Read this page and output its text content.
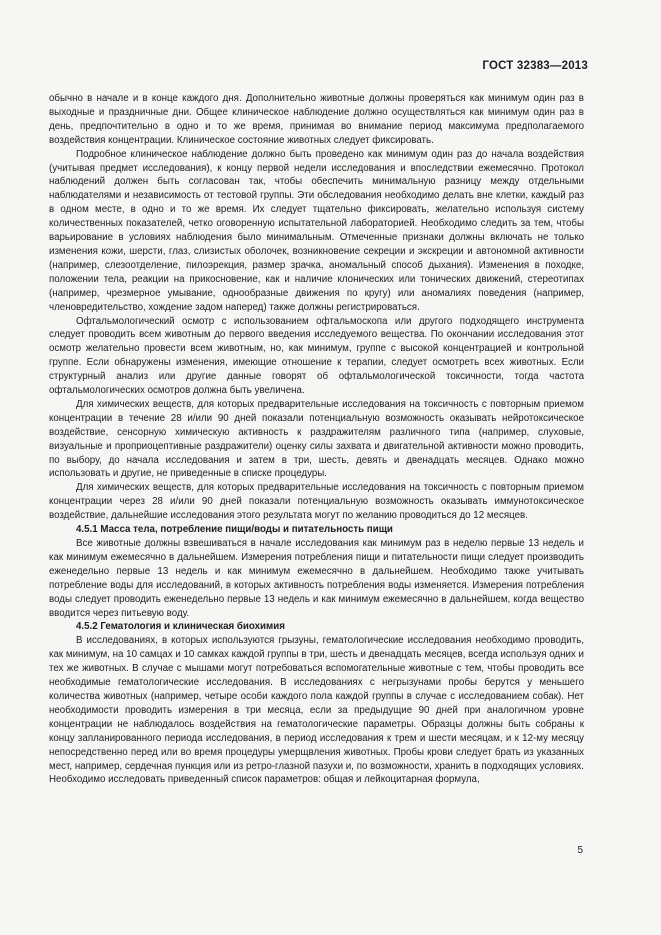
ГОСТ 32383—2013

обычно в начале и в конце каждого дня. Дополнительно животные должны проверяться как минимум один раз в выходные и праздничные дни. Общее клиническое наблюдение должно осуществляться как минимум один раз в день, предпочтительно в одно и то же время, принимая во внимание период максимума предполагаемого воздействия концентрации. Клиническое состояние животных следует фиксировать.

Подробное клиническое наблюдение должно быть проведено как минимум один раз до начала воздействия (учитывая предмет исследования), к концу первой недели исследования и впоследствии ежемесячно. Протокол наблюдений должен быть согласован так, чтобы обеспечить минимальную разницу между отдельными наблюдателями и независимость от тестовой группы. Эти обследования необходимо делать вне клетки, каждый раз в одном месте, в одно и то же время. Их следует тщательно фиксировать, желательно используя систему количественных показателей, четко оговоренную испытательной лабораторией. Необходимо следить за тем, чтобы варьирование в условиях наблюдения было минимальным. Отмеченные признаки должны включать не только изменения кожи, шерсти, глаз, слизистых оболочек, возникновение секреции и экскреции и автономной активности (например, слезоотделение, пилоэрекция, размер зрачка, аномальный способ дыхания). Изменения в походке, положении тела, реакции на прикосновение, как и наличие клонических или тонических движений, стереотипах (например, чрезмерное умывание, однообразные движения по кругу) или аномалиях поведения (например, членовредительство, хождение задом наперед) также должны регистрироваться.

Офтальмологический осмотр с использованием офтальмоскопа или другого подходящего инструмента следует проводить всем животным до первого введения исследуемого вещества. По окончании исследования этот осмотр желательно провести всем животным, но, как минимум, группе с высокой концентрацией и контрольной группе. Если обнаружены изменения, имеющие отношение к терапии, следует осмотреть всех животных. Если структурный анализ или другие данные говорят об офтальмологической токсичности, тогда частота офтальмологических осмотров должна быть увеличена.

Для химических веществ, для которых предварительные исследования на токсичность с повторным приемом концентрации в течение 28 и/или 90 дней показали потенциальную возможность оказывать нейротоксическое воздействие, сенсорную химическую активность к раздражителям различного типа (например, слуховые, визуальные и проприоцептивные раздражители) оценку силы захвата и двигательной активности можно проводить, по выбору, до начала исследования и затем в три, шесть, девять и двенадцать месяцев. Однако можно использовать и другие, не приведенные в списке процедуры.

Для химических веществ, для которых предварительные исследования на токсичность с повторным приемом концентрации через 28 и/или 90 дней показали потенциальную возможность оказывать иммунотоксическое воздействие, дальнейшие исследования этого результата могут по желанию проводиться до 12 месяцев.

4.5.1 Масса тела, потребление пищи/воды и питательность пищи

Все животные должны взвешиваться в начале исследования как минимум раз в неделю первые 13 недель и как минимум ежемесячно в дальнейшем. Измерения потребления пищи и питательности пищи следует производить еженедельно первые 13 недель и как минимум ежемесячно в дальнейшем. Необходимо также учитывать потребление воды для исследований, в которых активность потребления воды изменяется. Измерения потребления воды следует проводить еженедельно первые 13 недель и как минимум ежемесячно в дальнейшем, когда вещество вводится через питьевую воду.

4.5.2 Гематология и клиническая биохимия

В исследованиях, в которых используются грызуны, гематологические исследования необходимо проводить, как минимум, на 10 самцах и 10 самках каждой группы в три, шесть и двенадцать месяцев, всегда используя одних и тех же животных. В случае с мышами могут потребоваться вспомогательные животные с тем, чтобы проводить все необходимые гематологические исследования. В исследованиях с негрызунами пробы берутся у меньшего количества животных (например, четыре особи каждого пола каждой группы в случае с исследованием собак). Нет необходимости проводить измерения в три месяца, если за предыдущие 90 дней при аналогичном уровне концентрации не наблюдалось воздействия на гематологические параметры. Образцы должны быть собраны к концу запланированного периода исследования, в период исследования к трем и шести месяцам, и к 12-му месяцу непосредственно перед или во время процедуры умерщвления животных. Пробы крови следует брать из указанных мест, например, сердечная пункция или из ретро-глазной пазухи и, по возможности, хранить в подходящих условиях. Необходимо исследовать приведенный список параметров: общая и лейкоцитарная формула,

5
